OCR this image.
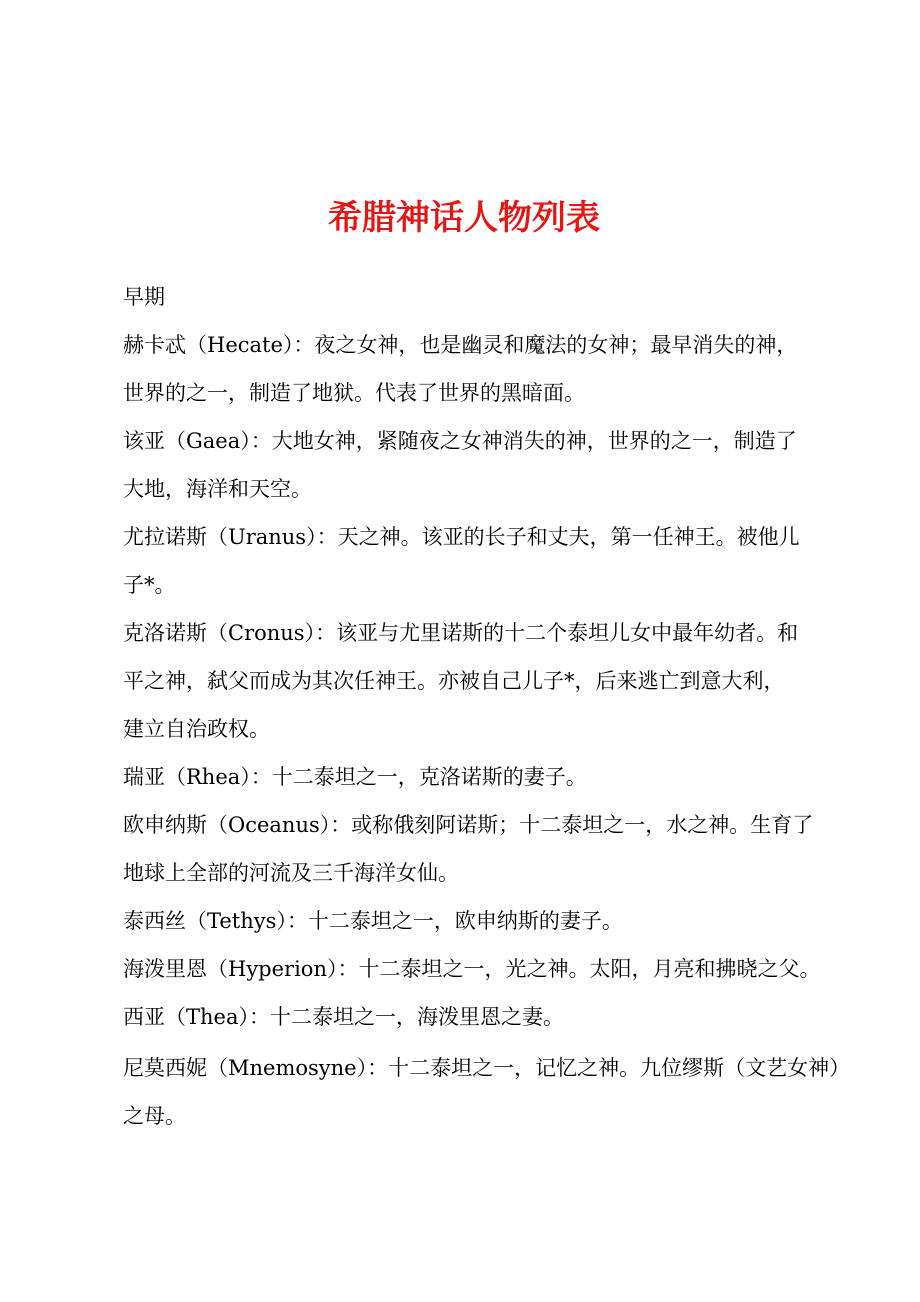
希腊神话人物列表
早期
赫卡忒（Hecate）：夜之女神，也是幽灵和魔法的女神；最早消失的神，
世界的之一，制造了地狱。代表了世界的黑暗面。
该亚（Gaea）：大地女神，紧随夜之女神消失的神，世界的之一，制造了
大地，海洋和天空。
尤拉诺斯（Uranus）：天之神。该亚的长子和丈夫，第一任神王。被他儿
子*。
克洛诺斯（Cronus）：该亚与尤里诺斯的十二个泰坦儿女中最年幼者。和
平之神，弑父而成为其次任神王。亦被自己儿子*，后来逃亡到意大利，
建立自治政权。
瑞亚（Rhea）：十二泰坦之一，克洛诺斯的妻子。
欧申纳斯（Oceanus）：或称俄刻阿诺斯；十二泰坦之一，水之神。生育了
地球上全部的河流及三千海洋女仙。
泰西丝（Tethys）：十二泰坦之一，欧申纳斯的妻子。
海泼里恩（Hyperion）：十二泰坦之一，光之神。太阳，月亮和拂晓之父。
西亚（Thea）：十二泰坦之一，海泼里恩之妻。
尼莫西妮（Mnemosyne）：十二泰坦之一，记忆之神。九位缪斯（文艺女神）
之母。
